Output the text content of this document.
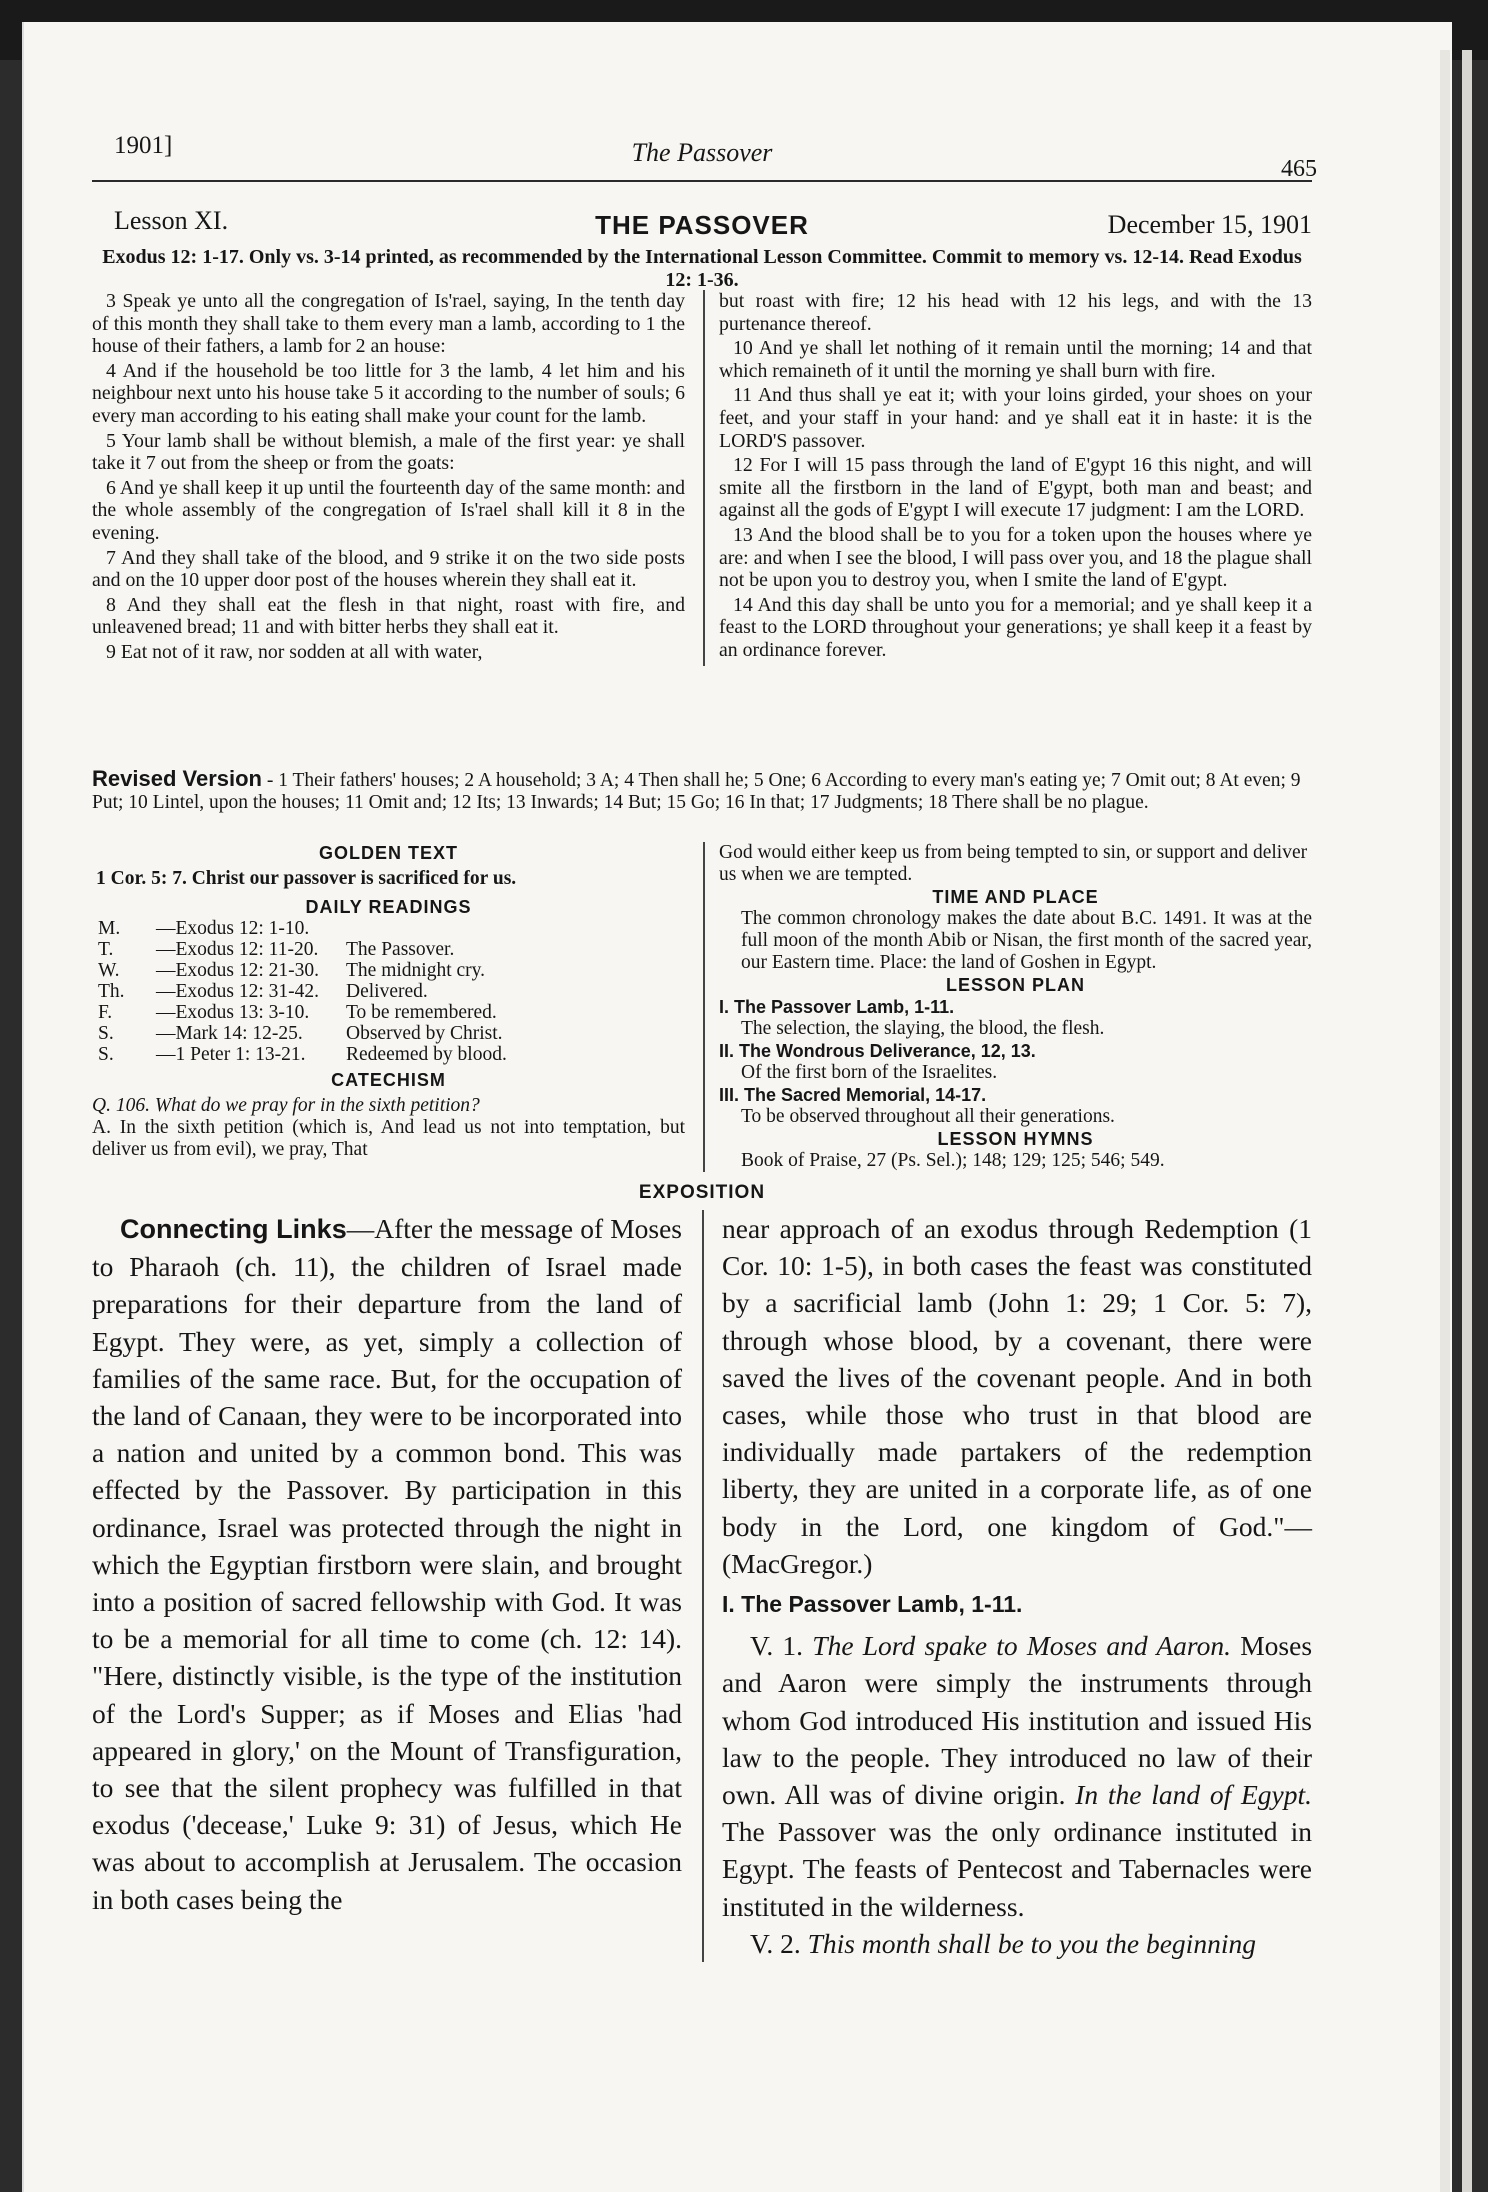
1901]	The Passover
465
Lesson XI.	THE PASSOVER	December 15, 1901
Exodus 12: 1-17. Only vs. 3-14 printed, as recommended by the International Lesson Committee. Commit to memory vs. 12-14. Read Exodus 12: 1-36.

3 Speak ye unto all the congregation of Is'rael, saying, In the tenth day of this month they shall take to them every man a lamb, according to 1 the house of their fathers, a lamb for 2 an house:

4 And if the household be too little for 3 the lamb, 4 let him and his neighbour next unto his house take 5 it according to the number of souls; 6 every man according to his eating shall make your count for the lamb.

5 Your lamb shall be without blemish, a male of the first year: ye shall take it 7 out from the sheep or from the goats:

6 And ye shall keep it up until the fourteenth day of the same month: and the whole assembly of the congregation of Is'rael shall kill it 8 in the evening.

7 And they shall take of the blood, and 9 strike it on the two side posts and on the 10 upper door post of the houses wherein they shall eat it.

8 And they shall eat the flesh in that night, roast with fire, and unleavened bread; 11 and with bitter herbs they shall eat it.

9 Eat not of it raw, nor sodden at all with water,

but roast with fire; 12 his head with 12 his legs, and with the 13 purtenance thereof.

10 And ye shall let nothing of it remain until the morning; 14 and that which remaineth of it until the morning ye shall burn with fire.

11 And thus shall ye eat it; with your loins girded, your shoes on your feet, and your staff in your hand: and ye shall eat it in haste: it is the LORD'S passover.

12 For I will 15 pass through the land of E'gypt 16 this night, and will smite all the firstborn in the land of E'gypt, both man and beast; and against all the gods of E'gypt I will execute 17 judgment: I am the LORD.

13 And the blood shall be to you for a token upon the houses where ye are: and when I see the blood, I will pass over you, and 18 the plague shall not be upon you to destroy you, when I smite the land of E'gypt.

14 And this day shall be unto you for a memorial; and ye shall keep it a feast to the LORD throughout your generations; ye shall keep it a feast by an ordinance forever.

Revised Version - 1 Their fathers' houses; 2 A household; 3 A; 4 Then shall he; 5 One; 6 According to every man's eating ye; 7 Omit out; 8 At even; 9 Put; 10 Lintel, upon the houses; 11 Omit and; 12 Its; 13 Inwards; 14 But; 15 Go; 16 In that; 17 Judgments; 18 There shall be no plague.

GOLDEN TEXT

1 Cor. 5: 7. Christ our passover is sacrificed for us.

DAILY READINGS

M.	—Exodus 12: 1-10.
T.	—Exodus 12: 11-20.	The Passover.
W.	—Exodus 12: 21-30.	The midnight cry.
Th.	—Exodus 12: 31-42.	Delivered.
F.	—Exodus 13: 3-10.	To be remembered.
S.	—Mark 14: 12-25.	Observed by Christ.
S.	—1 Peter 1: 13-21.	Redeemed by blood.

CATECHISM

Q. 106. What do we pray for in the sixth petition?

A. In the sixth petition (which is, And lead us not into temptation, but deliver us from evil), we pray, That

God would either keep us from being tempted to sin, or support and deliver us when we are tempted.

TIME AND PLACE

The common chronology makes the date about B.C. 1491. It was at the full moon of the month Abib or Nisan, the first month of the sacred year, our Eastern time. Place: the land of Goshen in Egypt.

LESSON PLAN

I. The Passover Lamb, 1-11.

The selection, the slaying, the blood, the flesh.

II. The Wondrous Deliverance, 12, 13.

Of the first born of the Israelites.

III. The Sacred Memorial, 14-17.

To be observed throughout all their generations.

LESSON HYMNS

Book of Praise, 27 (Ps. Sel.); 148; 129; 125; 546; 549.

EXPOSITION

Connecting Links—After the message of Moses to Pharaoh (ch. 11), the children of Israel made preparations for their departure from the land of Egypt. They were, as yet, simply a collection of families of the same race. But, for the occupation of the land of Canaan, they were to be incorporated into a nation and united by a common bond. This was effected by the Passover. By participation in this ordinance, Israel was protected through the night in which the Egyptian firstborn were slain, and brought into a position of sacred fellowship with God. It was to be a memorial for all time to come (ch. 12: 14). "Here, distinctly visible, is the type of the institution of the Lord's Supper; as if Moses and Elias 'had appeared in glory,' on the Mount of Transfiguration, to see that the silent prophecy was fulfilled in that exodus ('decease,' Luke 9: 31) of Jesus, which He was about to accomplish at Jerusalem. The occasion in both cases being the

near approach of an exodus through Redemption (1 Cor. 10: 1-5), in both cases the feast was constituted by a sacrificial lamb (John 1: 29; 1 Cor. 5: 7), through whose blood, by a covenant, there were saved the lives of the covenant people. And in both cases, while those who trust in that blood are individually made partakers of the redemption liberty, they are united in a corporate life, as of one body in the Lord, one kingdom of God."—(MacGregor.)

I. The Passover Lamb, 1-11.

V. 1. The Lord spake to Moses and Aaron. Moses and Aaron were simply the instruments through whom God introduced His institution and issued His law to the people. They introduced no law of their own. All was of divine origin. In the land of Egypt. The Passover was the only ordinance instituted in Egypt. The feasts of Pentecost and Tabernacles were instituted in the wilderness.

V. 2. This month shall be to you the beginning
